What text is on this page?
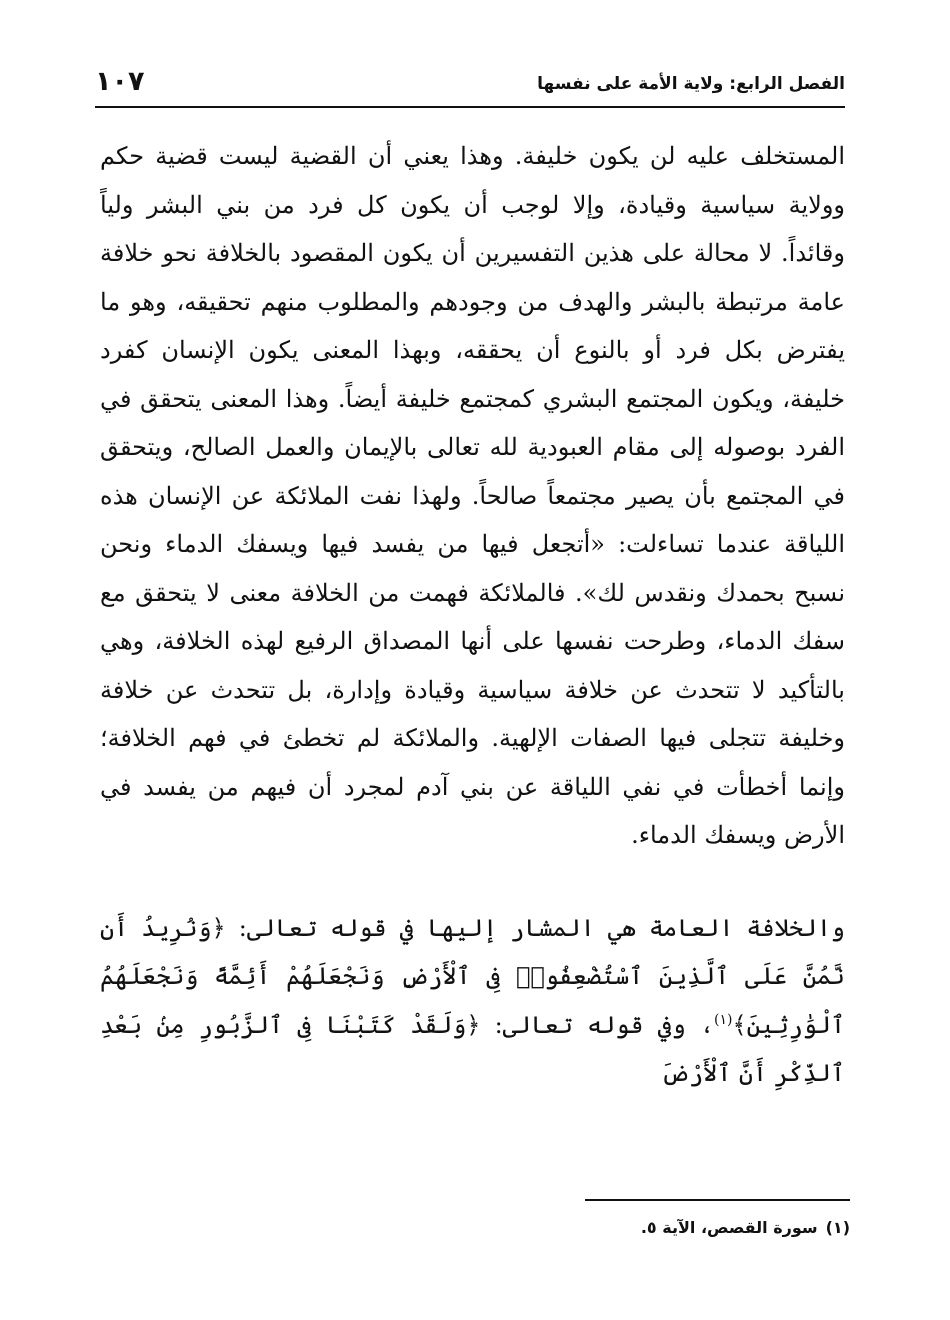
الفصل الرابع: ولاية الأمة على نفسها
١٠٧

المستخلف عليه لن يكون خليفة. وهذا يعني أن القضية ليست قضية حكم وولاية سياسية وقيادة، وإلا لوجب أن يكون كل فرد من بني البشر ولياً وقائداً. لا محالة على هذين التفسيرين أن يكون المقصود بالخلافة نحو خلافة عامة مرتبطة بالبشر والهدف من وجودهم والمطلوب منهم تحقيقه، وهو ما يفترض بكل فرد أو بالنوع أن يحققه، وبهذا المعنى يكون الإنسان كفرد خليفة، ويكون المجتمع البشري كمجتمع خليفة أيضاً. وهذا المعنى يتحقق في الفرد بوصوله إلى مقام العبودية لله تعالى بالإيمان والعمل الصالح، ويتحقق في المجتمع بأن يصير مجتمعاً صالحاً. ولهذا نفت الملائكة عن الإنسان هذه اللياقة عندما تساءلت: «أتجعل فيها من يفسد فيها ويسفك الدماء ونحن نسبح بحمدك ونقدس لك». فالملائكة فهمت من الخلافة معنى لا يتحقق مع سفك الدماء، وطرحت نفسها على أنها المصداق الرفيع لهذه الخلافة، وهي بالتأكيد لا تتحدث عن خلافة سياسية وقيادة وإدارة، بل تتحدث عن خلافة وخليفة تتجلى فيها الصفات الإلهية. والملائكة لم تخطئ في فهم الخلافة؛ وإنما أخطأت في نفي اللياقة عن بني آدم لمجرد أن فيهم من يفسد في الأرض ويسفك الدماء.

والخلافة العامة هي المشار إليها في قوله تعالى: ﴿وَنُرِيدُ أَن نَّمُنَّ عَلَى ٱلَّذِينَ ٱسْتُضْعِفُوا۟ فِى ٱلْأَرْضِ وَنَجْعَلَهُمْ أَئِمَّةً وَنَجْعَلَهُمُ ٱلْوَٰرِثِينَ﴾$^{(١)}$، وفي قوله تعالى: ﴿وَلَقَدْ كَتَبْنَا فِى ٱلزَّبُورِ مِنۢ بَعْدِ ٱلذِّكْرِ أَنَّ ٱلْأَرْضَ

(١)سورة القصص، الآية ٥.
